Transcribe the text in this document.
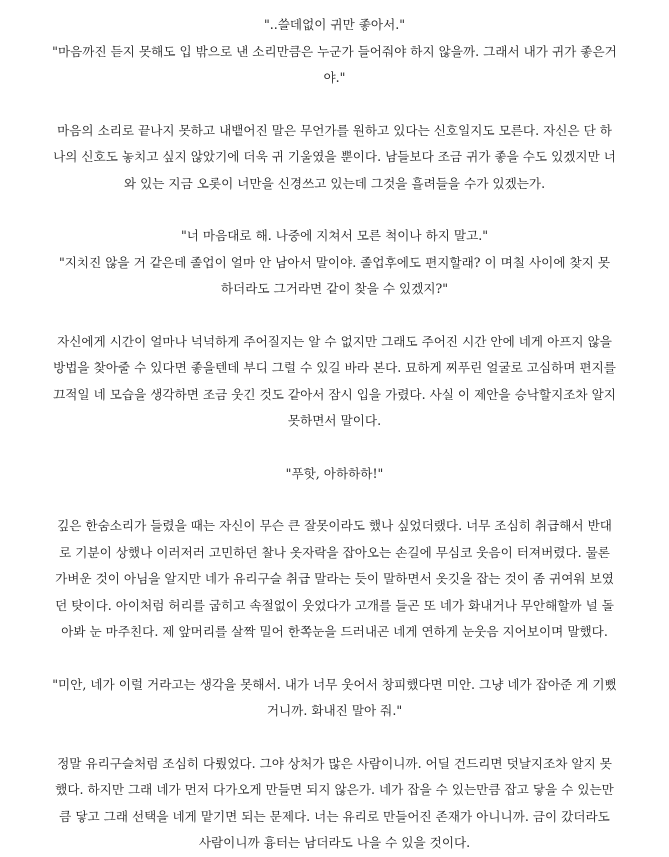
"..쓸데없이 귀만 좋아서."

"마음까진 듣지 못해도 입 밖으로 낸 소리만큼은 누군가 들어줘야 하지 않을까. 그래서 내가 귀가 좋은거
야."

마음의 소리로 끝나지 못하고 내뱉어진 말은 무언가를 원하고 있다는 신호일지도 모른다. 자신은 단 하
나의 신호도 놓치고 싶지 않았기에 더욱 귀 기울였을 뿐이다. 남들보다 조금 귀가 좋을 수도 있겠지만 너
와 있는 지금 오롯이 너만을 신경쓰고 있는데 그것을 흘려들을 수가 있겠는가.

"너 마음대로 해. 나중에 지쳐서 모른 척이나 하지 말고."

"지치진 않을 거 같은데 졸업이 얼마 안 남아서 말이야. 졸업후에도 편지할래? 이 며칠 사이에 찾지 못
하더라도 그거라면 같이 찾을 수 있겠지?"

자신에게 시간이 얼마나 넉넉하게 주어질지는 알 수 없지만 그래도 주어진 시간 안에 네게 아프지 않을
방법을 찾아줄 수 있다면 좋을텐데 부디 그럴 수 있길 바라 본다. 묘하게 찌푸린 얼굴로 고심하며 편지를
끄적일 네 모습을 생각하면 조금 웃긴 것도 같아서 잠시 입을 가렸다. 사실 이 제안을 승낙할지조차 알지
못하면서 말이다.

"푸핫, 아하하하!"

깊은 한숨소리가 들렸을 때는 자신이 무슨 큰 잘못이라도 했나 싶었더랬다. 너무 조심히 취급해서 반대
로 기분이 상했나 이러저러 고민하던 찰나 옷자락을 잡아오는 손길에 무심코 웃음이 터져버렸다. 물론
가벼운 것이 아님을 알지만 네가 유리구슬 취급 말라는 듯이 말하면서 옷깃을 잡는 것이 좀 귀여워 보였
던 탓이다. 아이처럼 허리를 굽히고 속절없이 웃었다가 고개를 들곤 또 네가 화내거나 무안해할까 널 돌
아봐 눈 마주친다. 제 앞머리를 살짝 밀어 한쪽눈을 드러내곤 네게 연하게 눈웃음 지어보이며 말했다.

"미안, 네가 이럴 거라고는 생각을 못해서. 내가 너무 웃어서 창피했다면 미안. 그냥 네가 잡아준 게 기뻤
거니까. 화내진 말아 줘."

정말 유리구슬처럼 조심히 다뤘었다. 그야 상처가 많은 사람이니까. 어딜 건드리면 덧날지조차 알지 못
했다. 하지만 그래 네가 먼저 다가오게 만들면 되지 않은가. 네가 잡을 수 있는만큼 잡고 닿을 수 있는만
큼 닿고 그래 선택을 네게 맡기면 되는 문제다. 너는 유리로 만들어진 존재가 아니니까. 금이 갔더라도
사람이니까 흉터는 남더라도 나을 수 있을 것이다.
